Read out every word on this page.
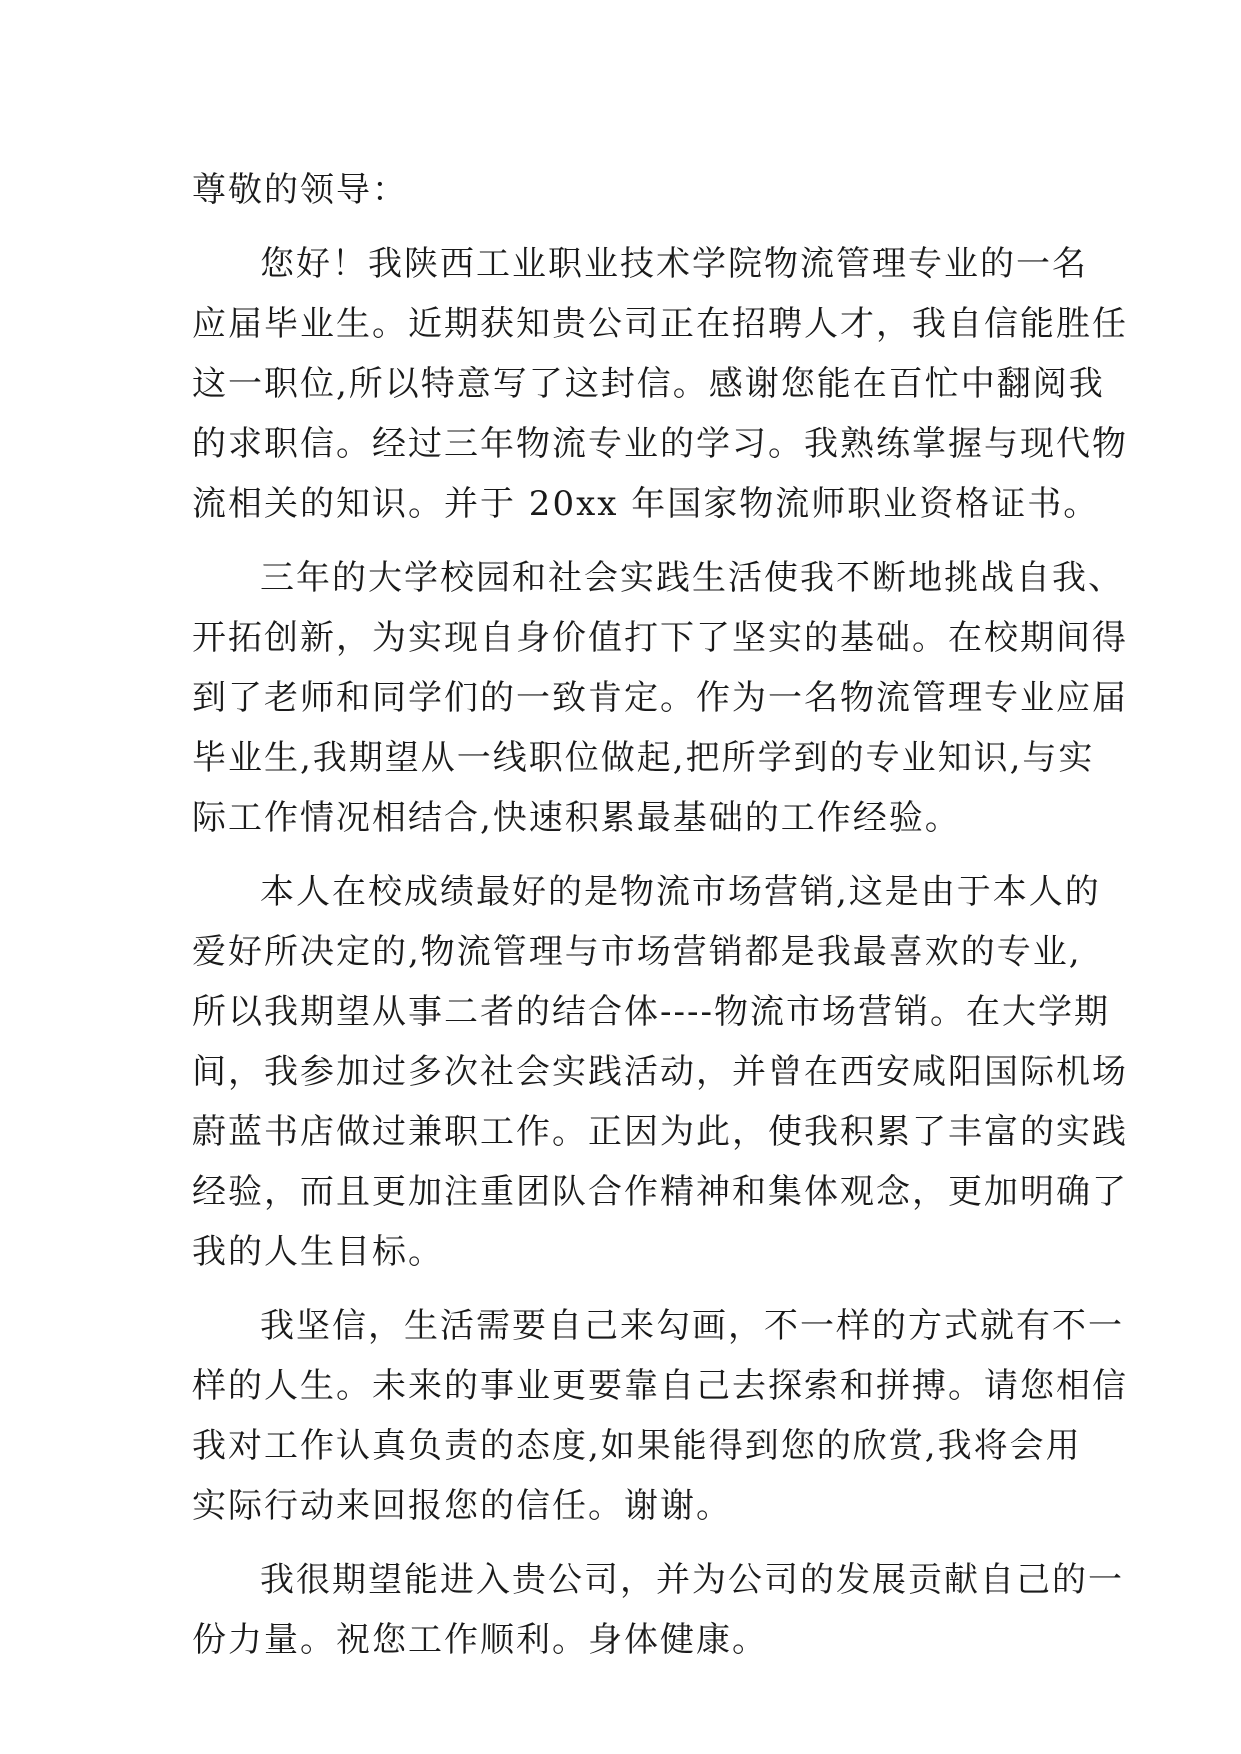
尊敬的领导：

您好！我陕西工业职业技术学院物流管理专业的一名
应届毕业生。近期获知贵公司正在招聘人才，我自信能胜任
这一职位,所以特意写了这封信。感谢您能在百忙中翻阅我
的求职信。经过三年物流专业的学习。我熟练掌握与现代物
流相关的知识。并于 20xx 年国家物流师职业资格证书。

三年的大学校园和社会实践生活使我不断地挑战自我、
开拓创新，为实现自身价值打下了坚实的基础。在校期间得
到了老师和同学们的一致肯定。作为一名物流管理专业应届
毕业生,我期望从一线职位做起,把所学到的专业知识,与实
际工作情况相结合,快速积累最基础的工作经验。

本人在校成绩最好的是物流市场营销,这是由于本人的
爱好所决定的,物流管理与市场营销都是我最喜欢的专业,
所以我期望从事二者的结合体----物流市场营销。在大学期
间，我参加过多次社会实践活动，并曾在西安咸阳国际机场
蔚蓝书店做过兼职工作。正因为此，使我积累了丰富的实践
经验，而且更加注重团队合作精神和集体观念，更加明确了
我的人生目标。

我坚信，生活需要自己来勾画，不一样的方式就有不一
样的人生。未来的事业更要靠自己去探索和拼搏。请您相信
我对工作认真负责的态度,如果能得到您的欣赏,我将会用
实际行动来回报您的信任。谢谢。

我很期望能进入贵公司，并为公司的发展贡献自己的一
份力量。祝您工作顺利。身体健康。
